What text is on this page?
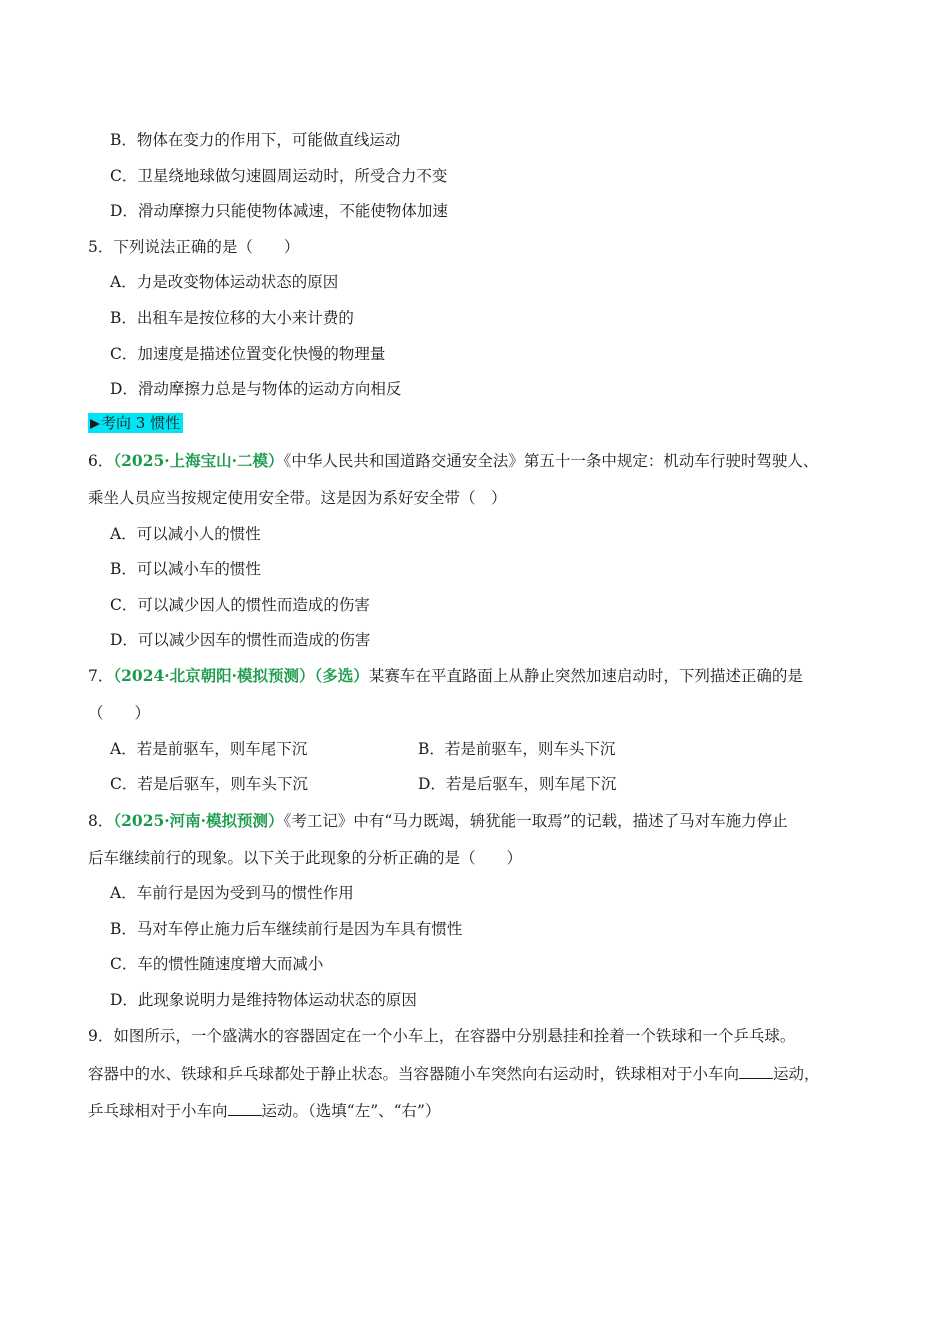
B．物体在变力的作用下，可能做直线运动
C．卫星绕地球做匀速圆周运动时，所受合力不变
D．滑动摩擦力只能使物体减速，不能使物体加速
5．下列说法正确的是（　　）
A．力是改变物体运动状态的原因
B．出租车是按位移的大小来计费的
C．加速度是描述位置变化快慢的物理量
D．滑动摩擦力总是与物体的运动方向相反
考向 3 惯性
6．（2025·上海宝山·二模）《中华人民共和国道路交通安全法》第五十一条中规定：机动车行驶时驾驶人、
乘坐人员应当按规定使用安全带。这是因为系好安全带（　）
A．可以减小人的惯性
B．可以减小车的惯性
C．可以减少因人的惯性而造成的伤害
D．可以减少因车的惯性而造成的伤害
7．（2024·北京朝阳·模拟预测）（多选）某赛车在平直路面上从静止突然加速启动时，下列描述正确的是
（　　）
A．若是前驱车，则车尾下沉	B．若是前驱车，则车头下沉
C．若是后驱车，则车头下沉	D．若是后驱车，则车尾下沉
8．（2025·河南·模拟预测）《考工记》中有“马力既竭，辀犹能一取焉”的记载，描述了马对车施力停止
后车继续前行的现象。以下关于此现象的分析正确的是（　　）
A．车前行是因为受到马的惯性作用
B．马对车停止施力后车继续前行是因为车具有惯性
C．车的惯性随速度增大而减小
D．此现象说明力是维持物体运动状态的原因
9．如图所示，一个盛满水的容器固定在一个小车上，在容器中分别悬挂和拴着一个铁球和一个乒乓球。
容器中的水、铁球和乒乓球都处于静止状态。当容器随小车突然向右运动时，铁球相对于小车向 运动，
乒乓球相对于小车向 运动。（选填“左”、“右”）
